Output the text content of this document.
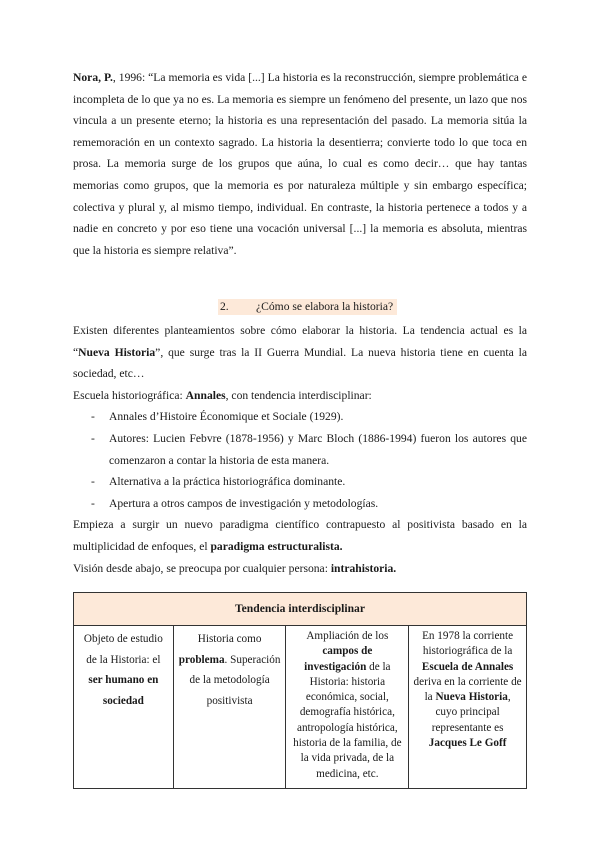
Nora, P., 1996: “La memoria es vida [...] La historia es la reconstrucción, siempre problemática e incompleta de lo que ya no es. La memoria es siempre un fenómeno del presente, un lazo que nos vincula a un presente eterno; la historia es una representación del pasado. La memoria sitúa la rememoración en un contexto sagrado. La historia la desentierra; convierte todo lo que toca en prosa. La memoria surge de los grupos que aúna, lo cual es como decir… que hay tantas memorias como grupos, que la memoria es por naturaleza múltiple y sin embargo específica; colectiva y plural y, al mismo tiempo, individual. En contraste, la historia pertenece a todos y a nadie en concreto y por eso tiene una vocación universal [...] la memoria es absoluta, mientras que la historia es siempre relativa”.
2. ¿Cómo se elabora la historia?

Existen diferentes planteamientos sobre cómo elaborar la historia. La tendencia actual es la “Nueva Historia”, que surge tras la II Guerra Mundial. La nueva historia tiene en cuenta la sociedad, etc…

Escuela historiográfica: Annales, con tendencia interdisciplinar:

- Annales d’Histoire Économique et Sociale (1929).
- Autores: Lucien Febvre (1878-1956) y Marc Bloch (1886-1994) fueron los autores que comenzaron a contar la historia de esta manera.
- Alternativa a la práctica historiográfica dominante.
- Apertura a otros campos de investigación y metodologías.

Empieza a surgir un nuevo paradigma científico contrapuesto al positivista basado en la multiplicidad de enfoques, el paradigma estructuralista.

Visión desde abajo, se preocupa por cualquier persona: intrahistoria.

Tendencia interdisciplinar
Objeto de estudio de la Historia: el ser humano en sociedad	Historia como problema. Superación de la metodología positivista	Ampliación de los campos de investigación de la Historia: historia económica, social, demografía histórica, antropología histórica, historia de la familia, de la vida privada, de la medicina, etc.	En 1978 la corriente historiográfica de la Escuela de Annales deriva en la corriente de la Nueva Historia, cuyo principal representante es Jacques Le Goff
